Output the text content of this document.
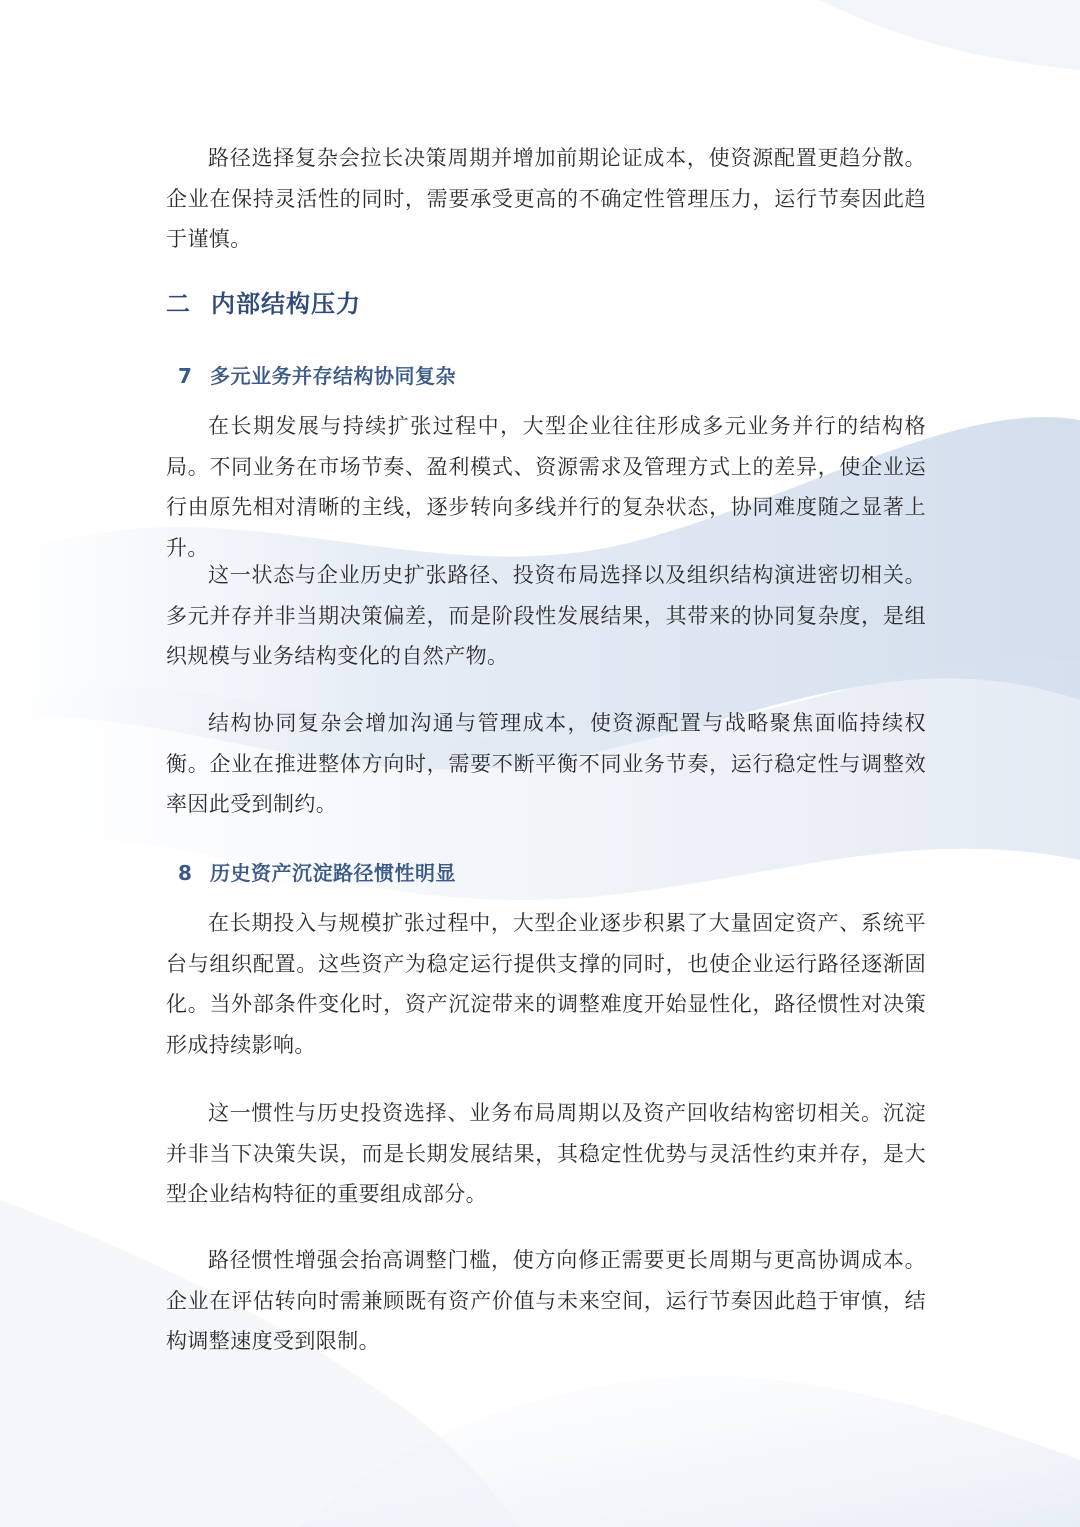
路径选择复杂会拉长决策周期并增加前期论证成本，使资源配置更趋分散。企业在保持灵活性的同时，需要承受更高的不确定性管理压力，运行节奏因此趋于谨慎。

二 内部结构压力
7 多元业务并存结构协同复杂

在长期发展与持续扩张过程中，大型企业往往形成多元业务并行的结构格局。不同业务在市场节奏、盈利模式、资源需求及管理方式上的差异，使企业运行由原先相对清晰的主线，逐步转向多线并行的复杂状态，协同难度随之显著上升。

这一状态与企业历史扩张路径、投资布局选择以及组织结构演进密切相关。多元并存并非当期决策偏差，而是阶段性发展结果，其带来的协同复杂度，是组织规模与业务结构变化的自然产物。

结构协同复杂会增加沟通与管理成本，使资源配置与战略聚焦面临持续权衡。企业在推进整体方向时，需要不断平衡不同业务节奏，运行稳定性与调整效率因此受到制约。

8 历史资产沉淀路径惯性明显

在长期投入与规模扩张过程中，大型企业逐步积累了大量固定资产、系统平台与组织配置。这些资产为稳定运行提供支撑的同时，也使企业运行路径逐渐固化。当外部条件变化时，资产沉淀带来的调整难度开始显性化，路径惯性对决策形成持续影响。

这一惯性与历史投资选择、业务布局周期以及资产回收结构密切相关。沉淀并非当下决策失误，而是长期发展结果，其稳定性优势与灵活性约束并存，是大型企业结构特征的重要组成部分。

路径惯性增强会抬高调整门槛，使方向修正需要更长周期与更高协调成本。企业在评估转向时需兼顾既有资产价值与未来空间，运行节奏因此趋于审慎，结构调整速度受到限制。
